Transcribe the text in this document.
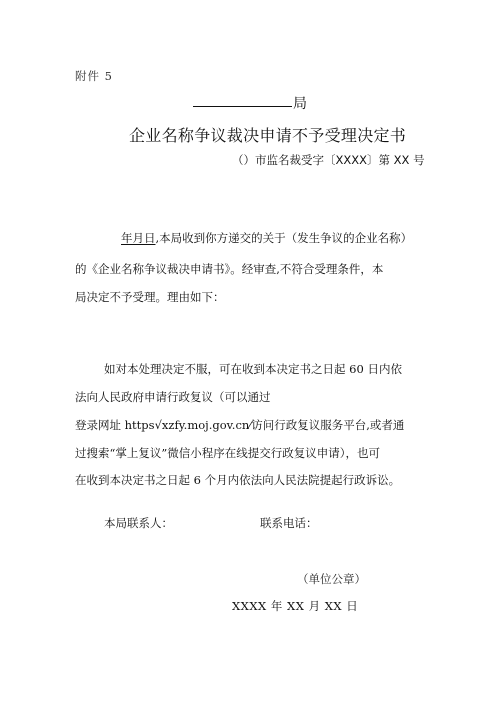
附件 5
局
企业名称争议裁决申请不予受理决定书
（）市监名裁受字〔XXXX〕第 XX 号
年月日,本局收到你方递交的关于（发生争议的企业名称）
的《企业名称争议裁决申请书》。经审查,不符合受理条件，本
局决定不予受理。理由如下：
如对本处理决定不服，可在收到本决定书之日起 60 日内依
法向人民政府申请行政复议（可以通过
登录网址 https√xzfy.moj.gov.cn⁄访问行政复议服务平台,或者通
过搜索“掌上复议”微信小程序在线提交行政复议申请），也可
在收到本决定书之日起 6 个月内依法向人民法院提起行政诉讼。
本局联系人：	联系电话：
（单位公章）
XXXX 年 XX 月 XX 日
